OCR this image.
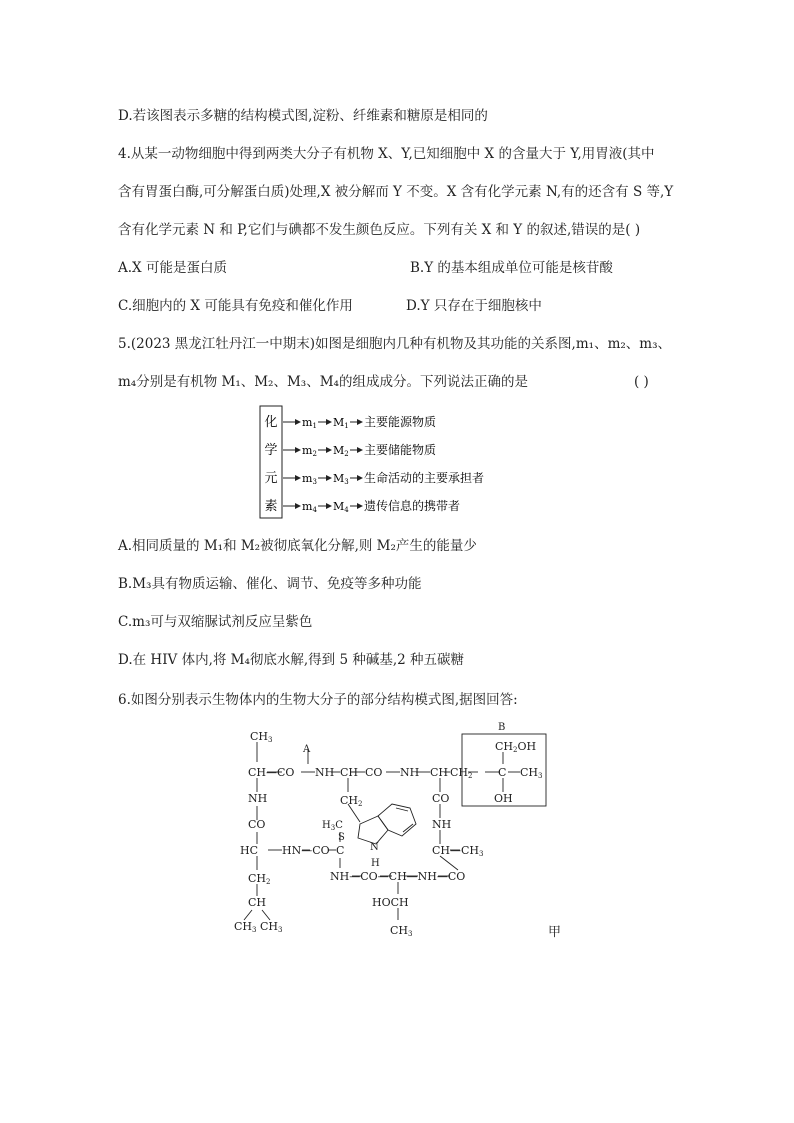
D.若该图表示多糖的结构模式图,淀粉、纤维素和糖原是相同的
4.从某一动物细胞中得到两类大分子有机物 X、Y,已知细胞中 X 的含量大于 Y,用胃液(其中
含有胃蛋白酶,可分解蛋白质)处理,X 被分解而 Y 不变。X 含有化学元素 N,有的还含有 S 等,Y
含有化学元素 N 和 P,它们与碘都不发生颜色反应。下列有关 X 和 Y 的叙述,错误的是( )
A.X 可能是蛋白质	B.Y 的基本组成单位可能是核苷酸
C.细胞内的 X 可能具有免疫和催化作用	D.Y 只存在于细胞核中
5.(2023 黑龙江牡丹江一中期末)如图是细胞内几种有机物及其功能的关系图,m₁、m₂、m₃、
m₄分别是有机物 M₁、M₂、M₃、M₄的组成成分。下列说法正确的是	( )
化
学
元
素
m1 M1 主要能源物质
m2 M2 主要储能物质
m3 M3 生命活动的主要承担者
m4 M4 遗传信息的携带者
A.相同质量的 M₁和 M₂被彻底氧化分解,则 M₂产生的能量少
B.M₃具有物质运输、催化、调节、免疫等多种功能
C.m₃可与双缩脲试剂反应呈紫色
D.在 HIV 体内,将 M₄彻底水解,得到 5 种碱基,2 种五碳糖
6.如图分别表示生物体内的生物大分子的部分结构模式图,据图回答:
CH3
CH—CO
A
NH CH CO NH CH CH2 C CH3
B
CH2OH
OH
NH
CO
HC HN—CO C
$H_3C$
S
CH2
N
H
CH2
CH
CH3 CH3
NH—CO—CH—NH—CO
CO
NH
CH—CH3
HOCH
CH3	甲
